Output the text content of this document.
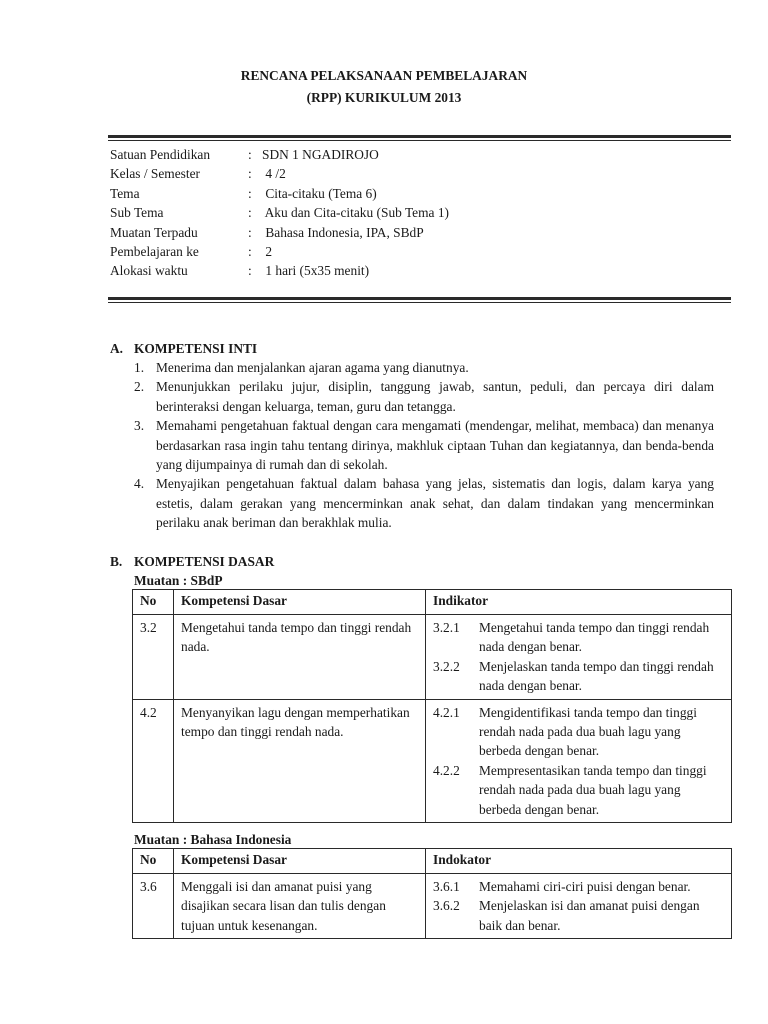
RENCANA PELAKSANAAN PEMBELAJARAN
(RPP) KURIKULUM 2013
Satuan Pendidikan	: SDN 1 NGADIROJO
Kelas / Semester	: 4 /2
Tema	: Cita-citaku (Tema 6)
Sub Tema	: Aku dan Cita-citaku (Sub Tema 1)
Muatan Terpadu	: Bahasa Indonesia, IPA, SBdP
Pembelajaran ke	: 2
Alokasi waktu	: 1 hari (5x35 menit)
A. KOMPETENSI INTI
1. Menerima dan menjalankan ajaran agama yang dianutnya.
2. Menunjukkan perilaku jujur, disiplin, tanggung jawab, santun, peduli, dan percaya diri dalam berinteraksi dengan keluarga, teman, guru dan tetangga.
3. Memahami pengetahuan faktual dengan cara mengamati (mendengar, melihat, membaca) dan menanya berdasarkan rasa ingin tahu tentang dirinya, makhluk ciptaan Tuhan dan kegiatannya, dan benda-benda yang dijumpainya di rumah dan di sekolah.
4. Menyajikan pengetahuan faktual dalam bahasa yang jelas, sistematis dan logis, dalam karya yang estetis, dalam gerakan yang mencerminkan anak sehat, dan dalam tindakan yang mencerminkan perilaku anak beriman dan berakhlak mulia.
B. KOMPETENSI DASAR
Muatan : SBdP
No	Kompetensi Dasar	Indikator
3.2	Mengetahui tanda tempo dan tinggi rendah nada.	3.2.1 Mengetahui tanda tempo dan tinggi rendah nada dengan benar.
3.2.2 Menjelaskan tanda tempo dan tinggi rendah nada dengan benar.

4.2	Menyanyikan lagu dengan memperhatikan tempo dan tinggi rendah nada.	4.2.1 Mengidentifikasi tanda tempo dan tinggi rendah nada pada dua buah lagu yang berbeda dengan benar.
4.2.2 Mempresentasikan tanda tempo dan tinggi rendah nada pada dua buah lagu yang berbeda dengan benar.
Muatan : Bahasa Indonesia
No	Kompetensi Dasar	Indokator
3.6	Menggali isi dan amanat puisi yang disajikan secara lisan dan tulis dengan tujuan untuk kesenangan.	3.6.1 Memahami ciri-ciri puisi dengan benar.
3.6.2 Menjelaskan isi dan amanat puisi dengan baik dan benar.
